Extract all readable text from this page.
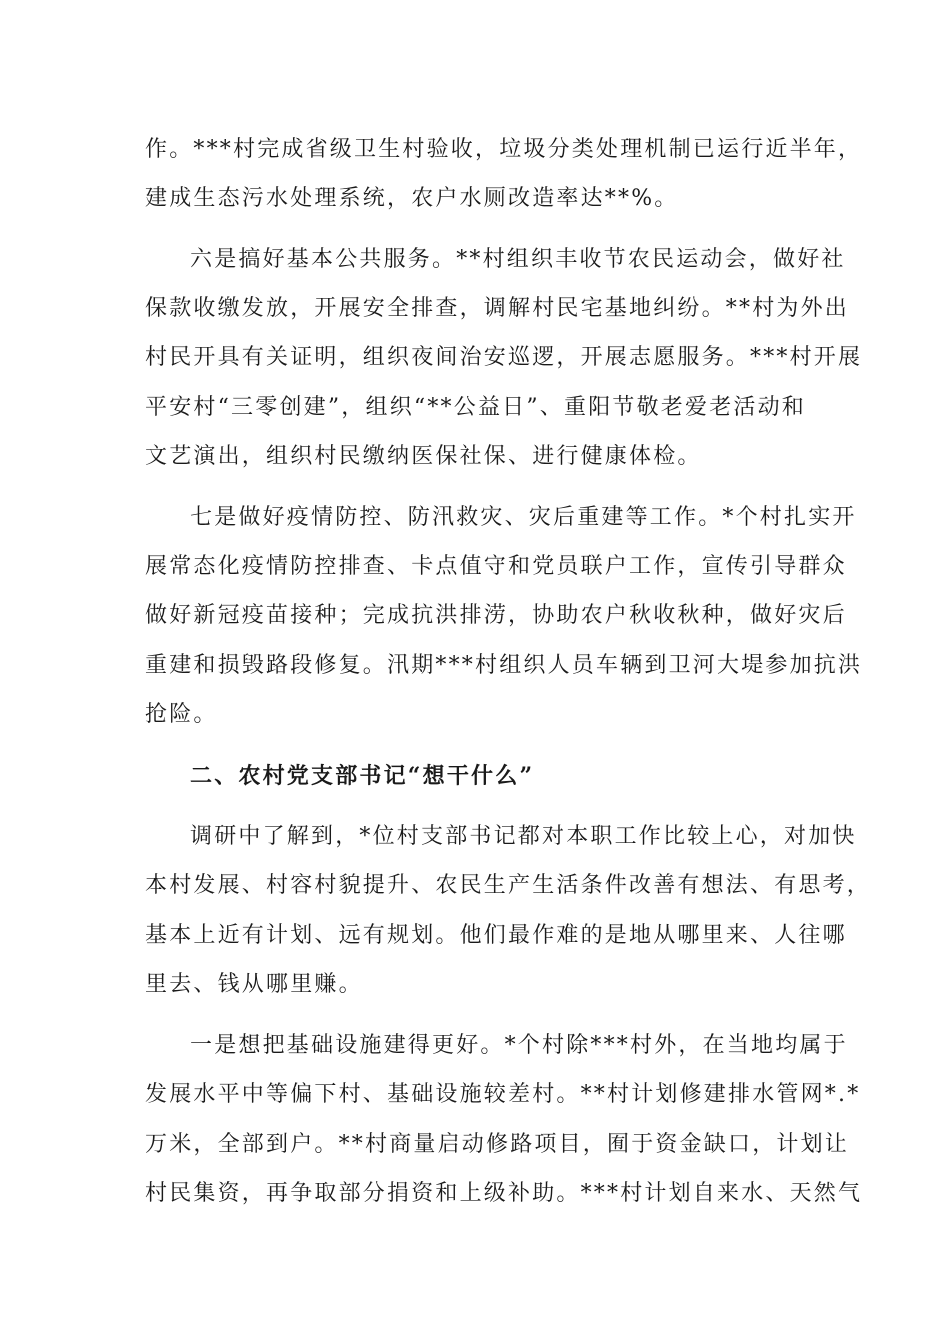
作。***村完成省级卫生村验收，垃圾分类处理机制已运行近半年，
建成生态污水处理系统，农户水厕改造率达**%。
六是搞好基本公共服务。**村组织丰收节农民运动会，做好社
保款收缴发放，开展安全排查，调解村民宅基地纠纷。**村为外出
村民开具有关证明，组织夜间治安巡逻，开展志愿服务。***村开展
平安村“三零创建”，组织“**公益日”、重阳节敬老爱老活动和
文艺演出，组织村民缴纳医保社保、进行健康体检。
七是做好疫情防控、防汛救灾、灾后重建等工作。*个村扎实开
展常态化疫情防控排查、卡点值守和党员联户工作，宣传引导群众
做好新冠疫苗接种；完成抗洪排涝，协助农户秋收秋种，做好灾后
重建和损毁路段修复。汛期***村组织人员车辆到卫河大堤参加抗洪
抢险。
二、农村党支部书记“想干什么”
调研中了解到，*位村支部书记都对本职工作比较上心，对加快
本村发展、村容村貌提升、农民生产生活条件改善有想法、有思考，
基本上近有计划、远有规划。他们最作难的是地从哪里来、人往哪
里去、钱从哪里赚。
一是想把基础设施建得更好。*个村除***村外，在当地均属于
发展水平中等偏下村、基础设施较差村。**村计划修建排水管网*.*
万米，全部到户。**村商量启动修路项目，囿于资金缺口，计划让
村民集资，再争取部分捐资和上级补助。***村计划自来水、天然气
